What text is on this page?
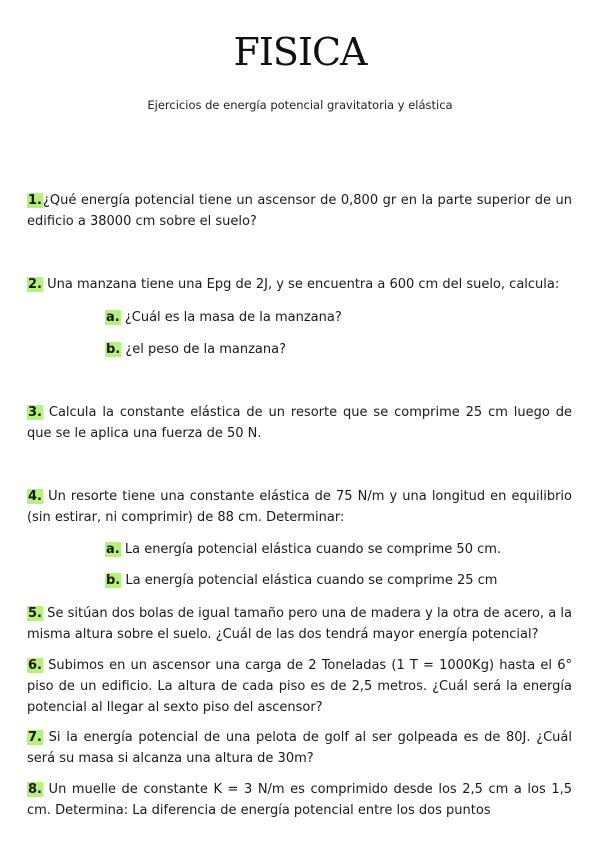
FISICA
Ejercicios de energía potencial gravitatoria y elástica
1.¿Qué energía potencial tiene un ascensor de 0,800 gr en la parte superior de un edificio a 38000 cm sobre el suelo?
2. Una manzana tiene una Epg de 2J, y se encuentra a 600 cm del suelo, calcula:
a. ¿Cuál es la masa de la manzana?
b. ¿el peso de la manzana?
3. Calcula la constante elástica de un resorte que se comprime 25 cm luego de que se le aplica una fuerza de 50 N.
4. Un resorte tiene una constante elástica de 75 N/m y una longitud en equilibrio (sin estirar, ni comprimir) de 88 cm. Determinar:
a. La energía potencial elástica cuando se comprime 50 cm.
b. La energía potencial elástica cuando se comprime 25 cm
5. Se sitúan dos bolas de igual tamaño pero una de madera y la otra de acero, a la misma altura sobre el suelo. ¿Cuál de las dos tendrá mayor energía potencial?
6. Subimos en un ascensor una carga de 2 Toneladas (1 T = 1000Kg) hasta el 6° piso de un edificio. La altura de cada piso es de 2,5 metros. ¿Cuál será la energía potencial al llegar al sexto piso del ascensor?
7. Si la energía potencial de una pelota de golf al ser golpeada es de 80J. ¿Cuál será su masa si alcanza una altura de 30m?
8. Un muelle de constante K = 3 N/m es comprimido desde los 2,5 cm a los 1,5 cm. Determina: La diferencia de energía potencial entre los dos puntos
